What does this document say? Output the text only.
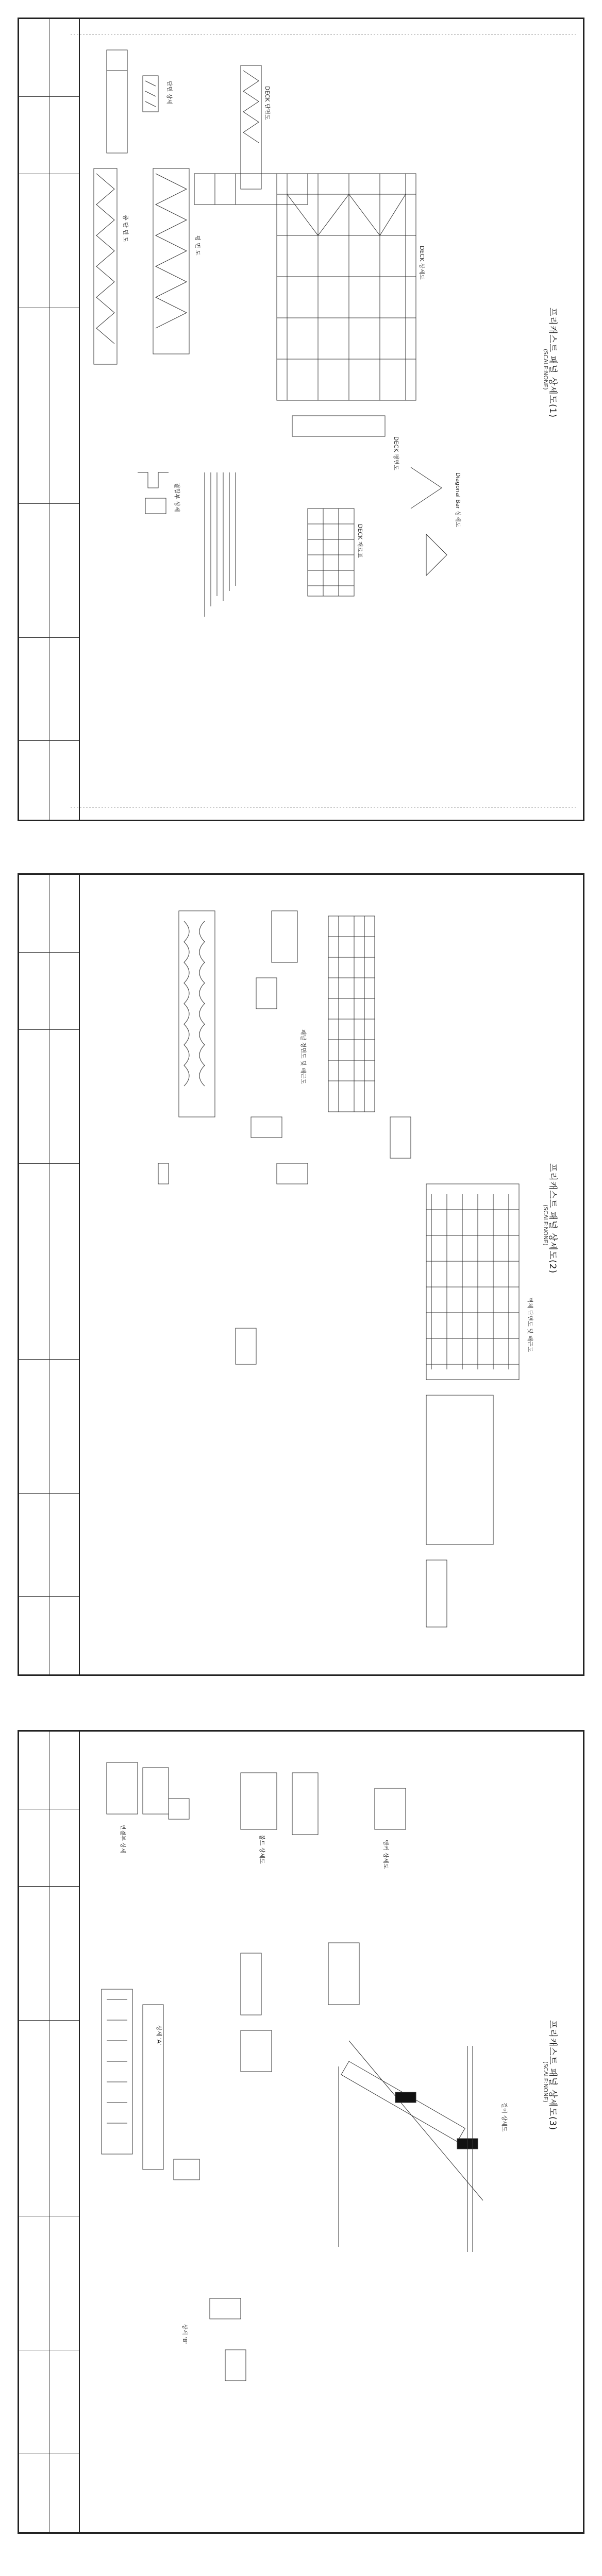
프리캐스트 패널 상세도(1)
(SCALE:NONE)
단면 상세
종 단 면 도
평 면 도
DECK 상세도
DECK 단면도
DECK 평면도
결합부 상세	Diagonal Bar 상세도
DECK 재료표
프리캐스트 패널 상세도(2)
(SCALE:NONE)
패널 정면도 및 배근도
벽체 단면도 및 배근도
프리캐스트 패널 상세도(3)
(SCALE:NONE)
연결부 상세
상세 'A'
상세 'B'
볼트 상세도	앵커 상세도
걸이 상세도
